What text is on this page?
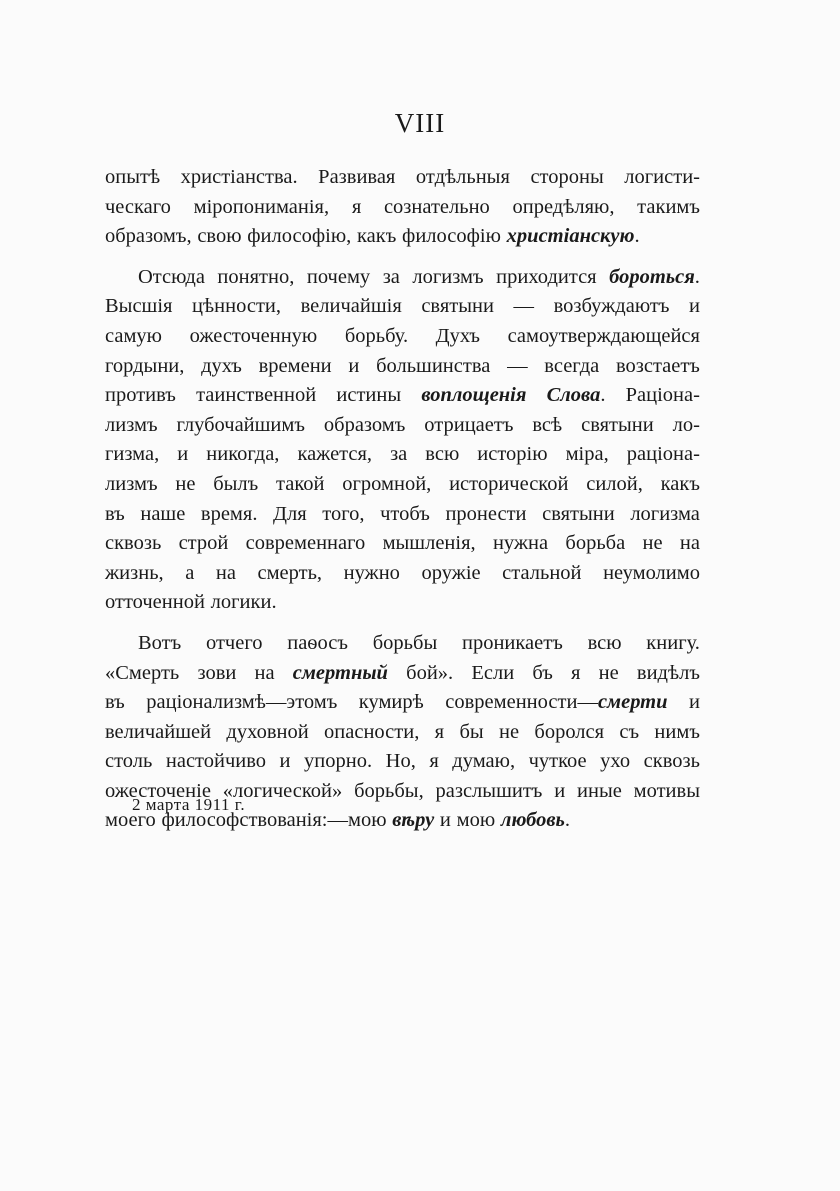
VIII
опытѣ христіанства. Развивая отдѣльныя стороны логисти-
ческаго міропониманія, я сознательно опредѣляю, такимъ
образомъ, свою философію, какъ философію христіанскую.
Отсюда понятно, почему за логизмъ приходится бороться.
Высшія цѣнности, величайшія святыни — возбуждаютъ и
самую ожесточенную борьбу. Духъ самоутверждающейся
гордыни, духъ времени и большинства — всегда возстаетъ
противъ таинственной истины воплощенія Слова. Раціона-
лизмъ глубочайшимъ образомъ отрицаетъ всѣ святыни ло-
гизма, и никогда, кажется, за всю исторію міра, раціона-
лизмъ не былъ такой огромной, исторической силой, какъ
въ наше время. Для того, чтобъ пронести святыни логизма
сквозь строй современнаго мышленія, нужна борьба не на
жизнь, а на смерть, нужно оружіе стальной неумолимо
отточенной логики.
Вотъ отчего паѳосъ борьбы проникаетъ всю книгу.
«Смерть зови на смертный бой». Если бъ я не видѣлъ
въ раціонализмѣ—этомъ кумирѣ современности—смерти и
величайшей духовной опасности, я бы не боролся съ нимъ
столь настойчиво и упорно. Но, я думаю, чуткое ухо сквозь
ожесточеніе «логической» борьбы, разслышитъ и иные мотивы
моего философствованія:—мою вѣру и мою любовь.
2 марта 1911 г.
